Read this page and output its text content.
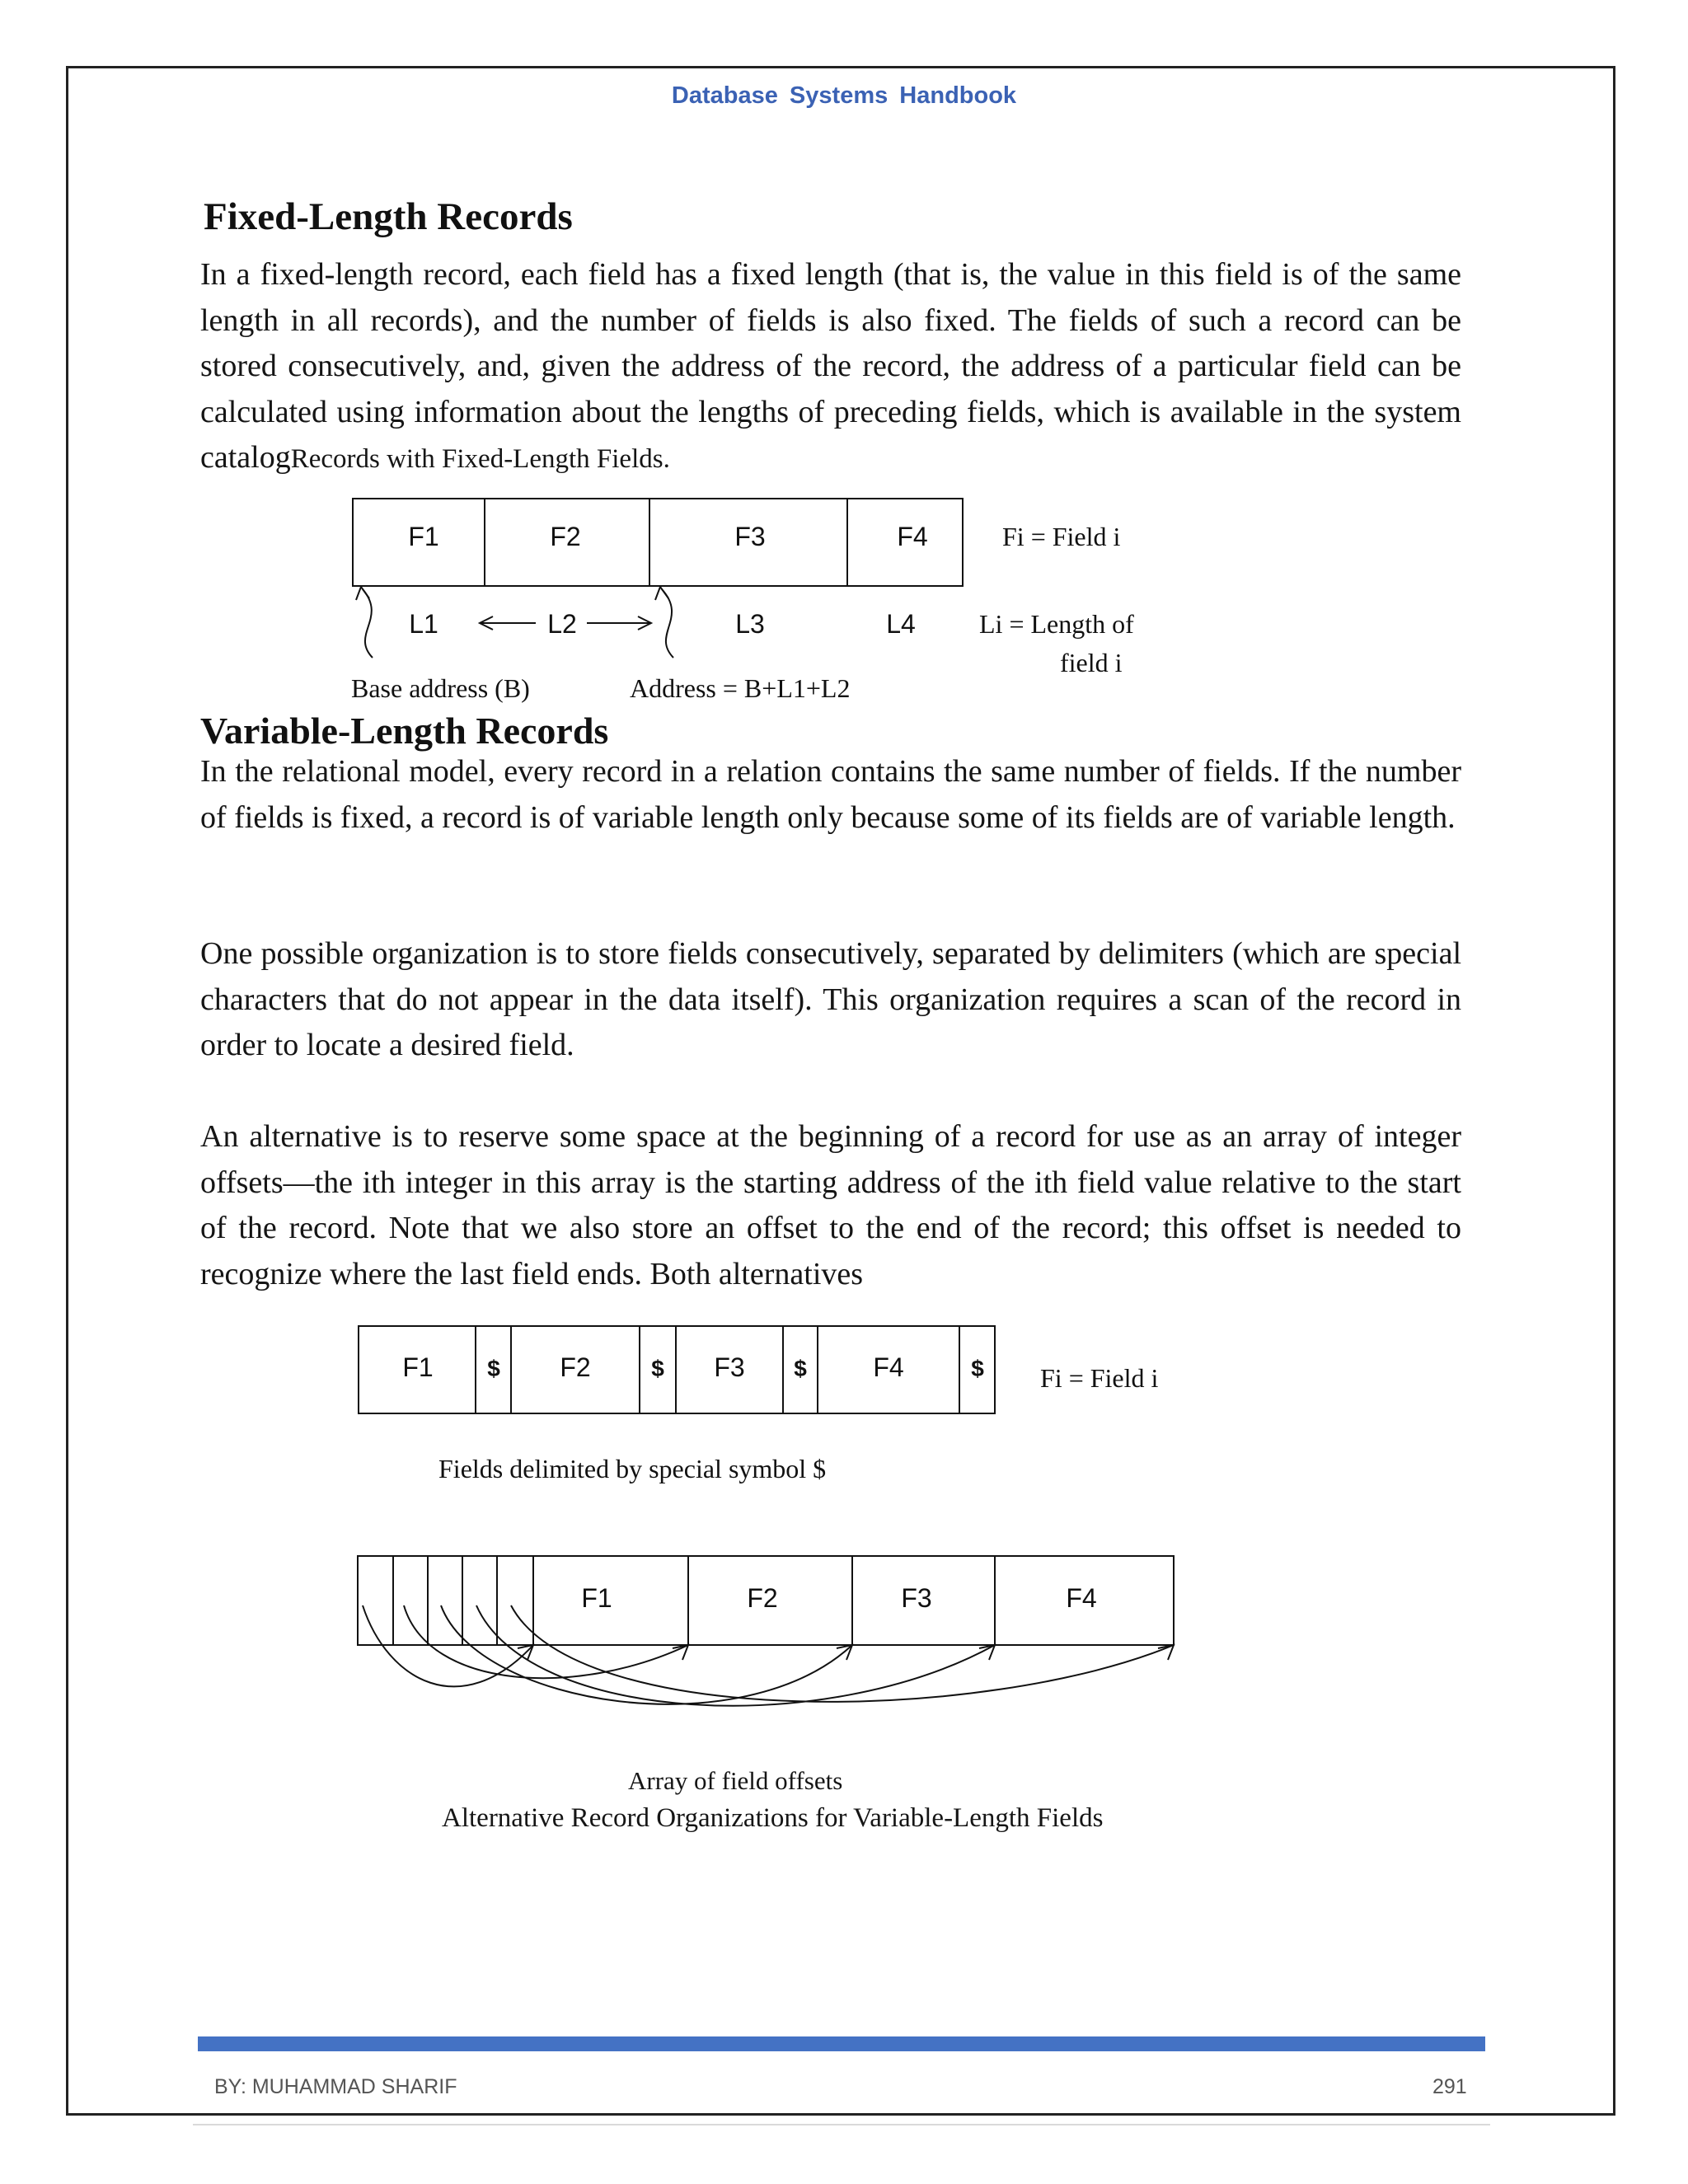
Database Systems Handbook
Fixed-Length Records

In a fixed-length record, each field has a fixed length (that is, the value in this field is of the same length in all records), and the number of fields is also fixed. The fields of such a record can be stored consecutively, and, given the address of the record, the address of a particular field can be calculated using information about the lengths of preceding fields, which is available in the system catalogRecords with Fixed-Length Fields.

Variable-Length Records

In the relational model, every record in a relation contains the same number of fields. If the number of fields is fixed, a record is of variable length only because some of its fields are of variable length.

One possible organization is to store fields consecutively, separated by delimiters (which are special characters that do not appear in the data itself). This organization requires a scan of the record in order to locate a desired field.

An alternative is to reserve some space at the beginning of a record for use as an array of integer offsets—the ith integer in this array is the starting address of the ith field value relative to the start of the record. Note that we also store an offset to the end of the record; this offset is needed to recognize where the last field ends. Both alternatives

F1	F2	F3	F4
L1	L2	L3	L4
Fi = Field i
Li = Length of
field i
Base address (B)	Address = B+L1+L2
F1 $ F2	$ F3 $	F4	$ Fi = Field i
Fields delimited by special symbol $
F1	F2	F3	F4
Array of field offsets
Alternative Record Organizations for Variable-Length Fields
BY: MUHAMMAD SHARIF	291
